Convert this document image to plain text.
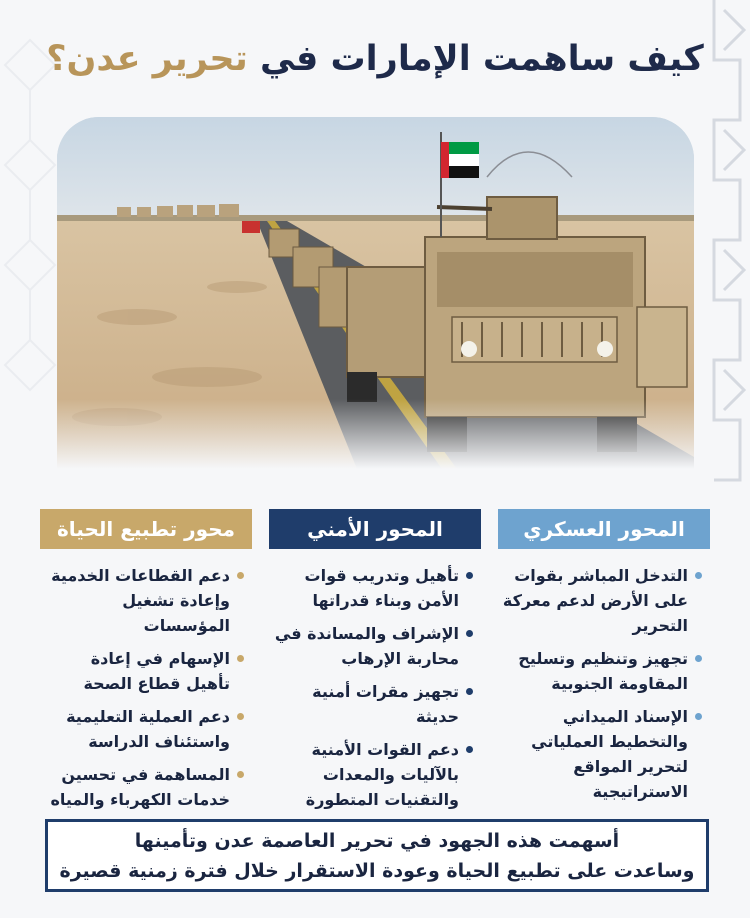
كيف ساهمت الإمارات في تحرير عدن؟
المحور العسكري
التدخل المباشر بقوات على الأرض لدعم معركة التحرير
تجهيز وتنظيم وتسليح المقاومة الجنوبية
الإسناد الميداني والتخطيط العملياتي لتحرير المواقع الاستراتيجية
المحور الأمني
تأهيل وتدريب قوات الأمن وبناء قدراتها
الإشراف والمساندة في محاربة الإرهاب
تجهيز مقرات أمنية حديثة
دعم القوات الأمنية بالآليات والمعدات والتقنيات المتطورة
محور تطبيع الحياة
دعم القطاعات الخدمية وإعادة تشغيل المؤسسات
الإسهام في إعادة تأهيل قطاع الصحة
دعم العملية التعليمية واستئناف الدراسة
المساهمة في تحسين خدمات الكهرباء والمياه
أسهمت هذه الجهود في تحرير العاصمة عدن وتأمينها
وساعدت على تطبيع الحياة وعودة الاستقرار خلال فترة زمنية قصيرة
